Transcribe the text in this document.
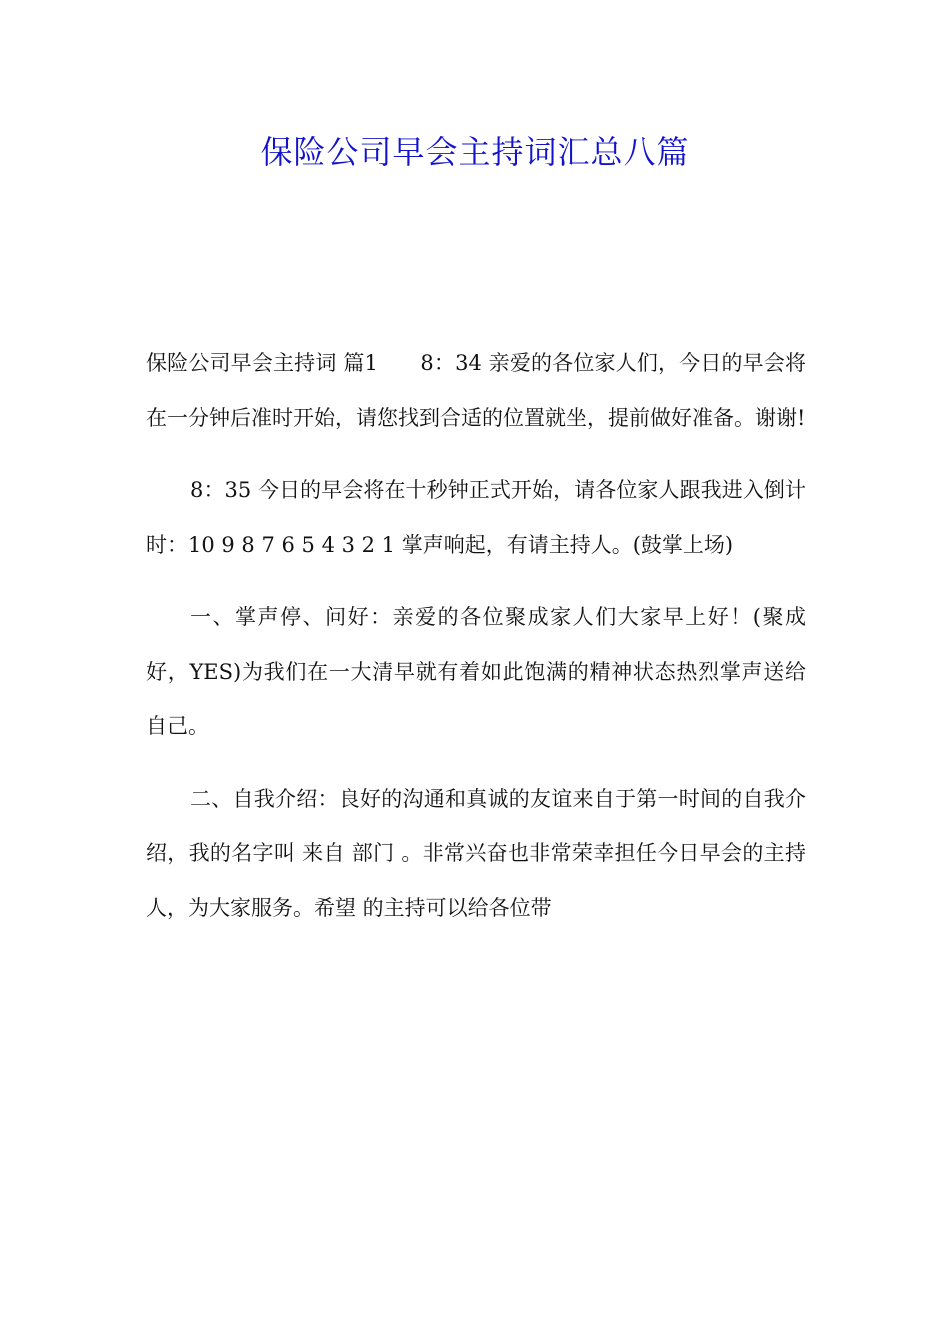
保险公司早会主持词汇总八篇

保险公司早会主持词 篇1　　8：34 亲爱的各位家人们，今日的早会将在一分钟后准时开始，请您找到合适的位置就坐，提前做好准备。谢谢!

8：35 今日的早会将在十秒钟正式开始，请各位家人跟我进入倒计时：10 9 8 7 6 5 4 3 2 1 掌声响起，有请主持人。(鼓掌上场)

一、掌声停、问好：亲爱的各位聚成家人们大家早上好！(聚成好，YES)为我们在一大清早就有着如此饱满的精神状态热烈掌声送给自己。

二、自我介绍：良好的沟通和真诚的友谊来自于第一时间的自我介绍，我的名字叫 来自 部门 。非常兴奋也非常荣幸担任今日早会的主持人，为大家服务。希望 的主持可以给各位带
